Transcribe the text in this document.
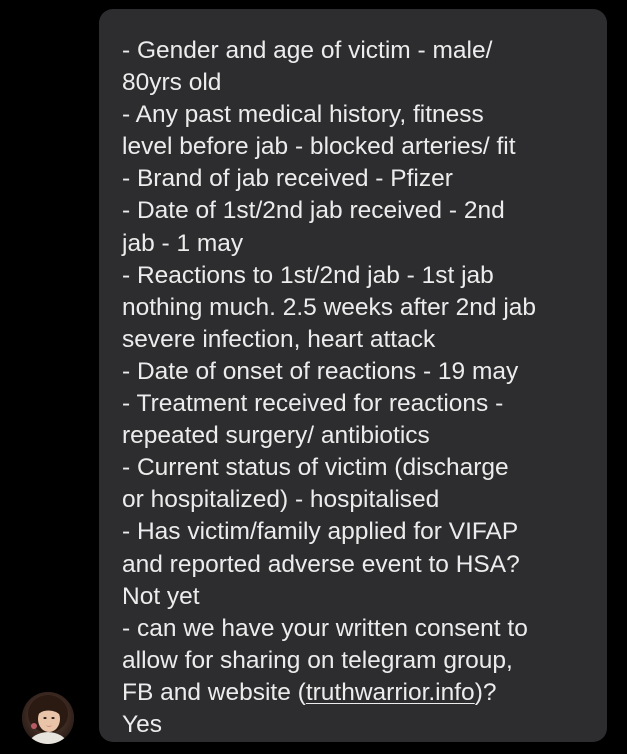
- Gender and age of victim - male/
80yrs old
- Any past medical history, fitness
level before jab - blocked arteries/ fit
- Brand of jab received - Pfizer
- Date of 1st/2nd jab received - 2nd
jab - 1 may
- Reactions to 1st/2nd jab - 1st jab
nothing much. 2.5 weeks after 2nd jab
severe infection, heart attack
- Date of onset of reactions - 19 may
- Treatment received for reactions -
repeated surgery/ antibiotics
- Current status of victim (discharge
or hospitalized) - hospitalised
- Has victim/family applied for VIFAP
and reported adverse event to HSA?
Not yet
- can we have your written consent to
allow for sharing on telegram group,
FB and website (truthwarrior.info)?
Yes
